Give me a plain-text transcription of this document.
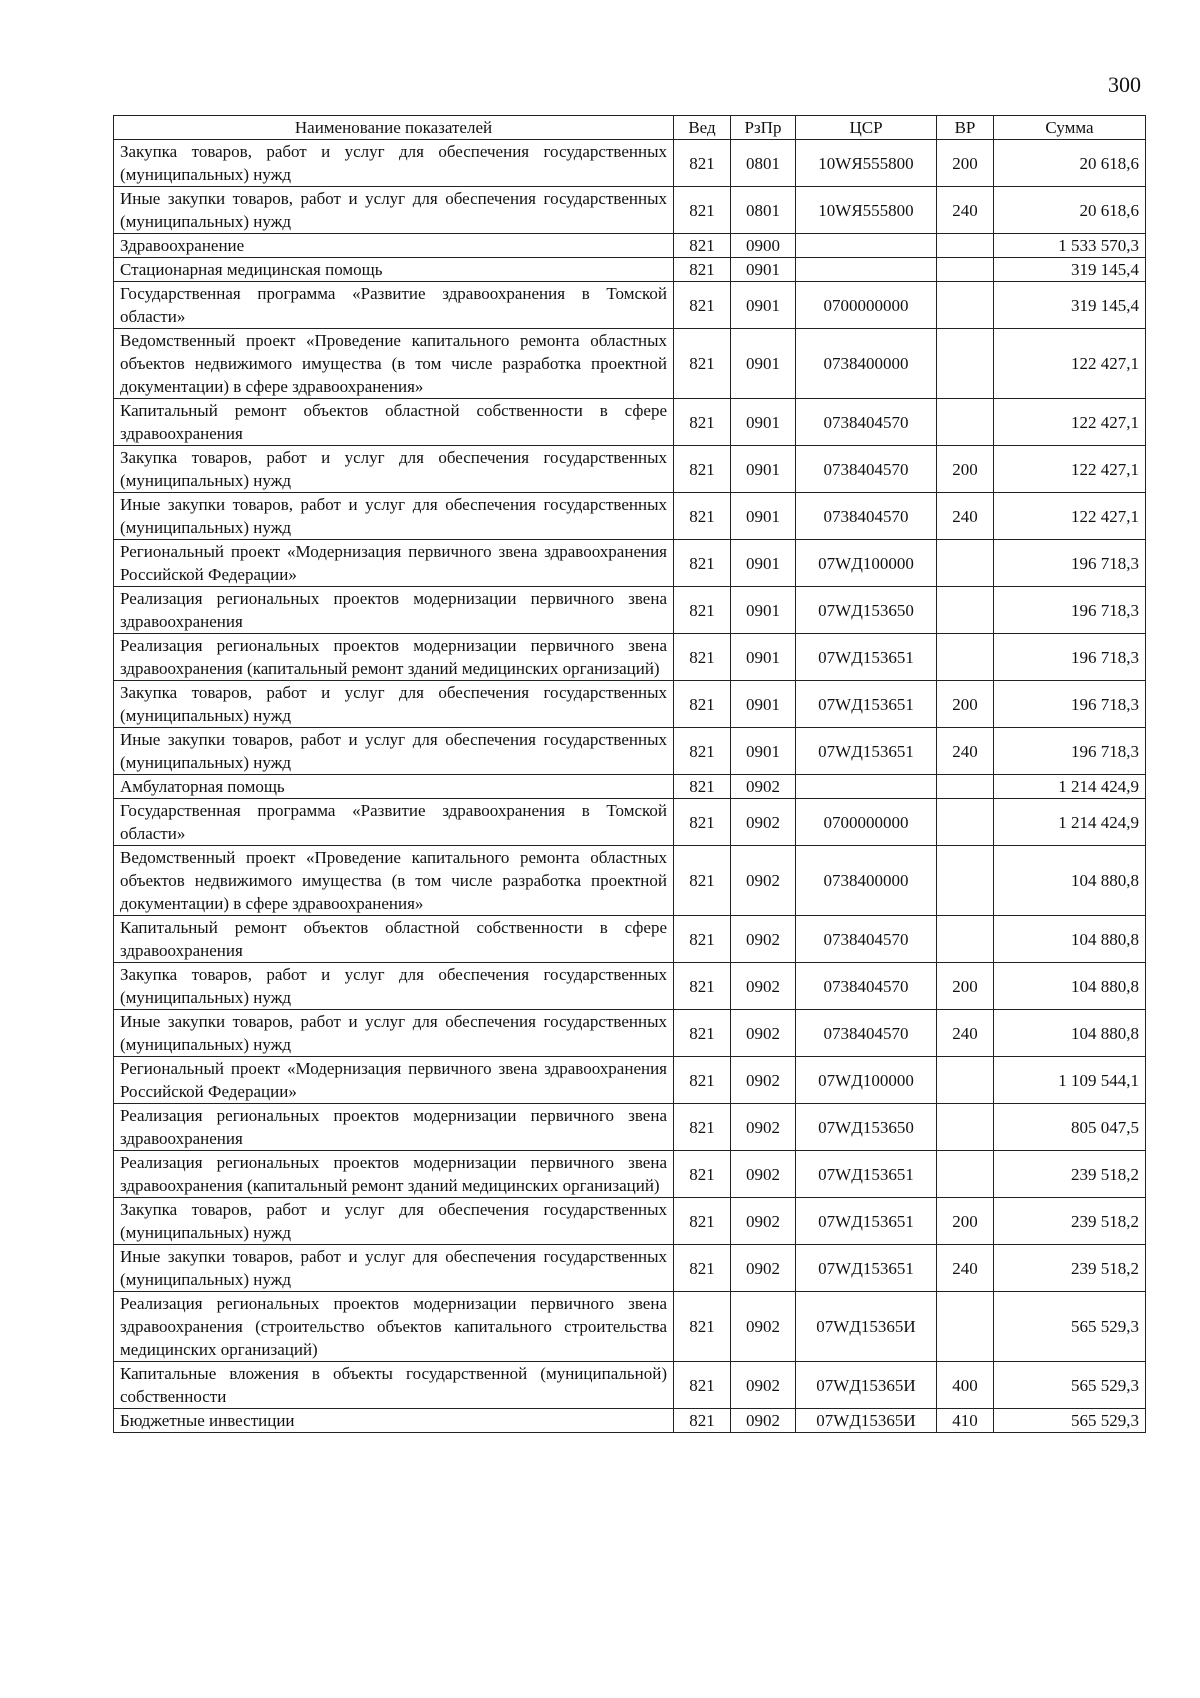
300
Наименование показателей	Вед	РзПр	ЦСР	ВР	Сумма
Закупка товаров, работ и услуг для обеспечения государственных (муниципальных) нужд	821	0801	10WЯ555800	200	20 618,6
Иные закупки товаров, работ и услуг для обеспечения государственных (муниципальных) нужд	821	0801	10WЯ555800	240	20 618,6
Здравоохранение	821	0900			1 533 570,3
Стационарная медицинская помощь	821	0901			319 145,4
Государственная программа «Развитие здравоохранения в Томской области»	821	0901	0700000000		319 145,4
Ведомственный проект «Проведение капитального ремонта областных объектов недвижимого имущества (в том числе разработка проектной документации) в сфере здравоохранения»	821	0901	0738400000		122 427,1
Капитальный ремонт объектов областной собственности в сфере здравоохранения	821	0901	0738404570		122 427,1
Закупка товаров, работ и услуг для обеспечения государственных (муниципальных) нужд	821	0901	0738404570	200	122 427,1
Иные закупки товаров, работ и услуг для обеспечения государственных (муниципальных) нужд	821	0901	0738404570	240	122 427,1
Региональный проект «Модернизация первичного звена здравоохранения Российской Федерации»	821	0901	07WД100000		196 718,3
Реализация региональных проектов модернизации первичного звена здравоохранения	821	0901	07WД153650		196 718,3
Реализация региональных проектов модернизации первичного звена здравоохранения (капитальный ремонт зданий медицинских организаций)	821	0901	07WД153651		196 718,3
Закупка товаров, работ и услуг для обеспечения государственных (муниципальных) нужд	821	0901	07WД153651	200	196 718,3
Иные закупки товаров, работ и услуг для обеспечения государственных (муниципальных) нужд	821	0901	07WД153651	240	196 718,3
Амбулаторная помощь	821	0902			1 214 424,9
Государственная программа «Развитие здравоохранения в Томской области»	821	0902	0700000000		1 214 424,9
Ведомственный проект «Проведение капитального ремонта областных объектов недвижимого имущества (в том числе разработка проектной документации) в сфере здравоохранения»	821	0902	0738400000		104 880,8
Капитальный ремонт объектов областной собственности в сфере здравоохранения	821	0902	0738404570		104 880,8
Закупка товаров, работ и услуг для обеспечения государственных (муниципальных) нужд	821	0902	0738404570	200	104 880,8
Иные закупки товаров, работ и услуг для обеспечения государственных (муниципальных) нужд	821	0902	0738404570	240	104 880,8
Региональный проект «Модернизация первичного звена здравоохранения Российской Федерации»	821	0902	07WД100000		1 109 544,1
Реализация региональных проектов модернизации первичного звена здравоохранения	821	0902	07WД153650		805 047,5
Реализация региональных проектов модернизации первичного звена здравоохранения (капитальный ремонт зданий медицинских организаций)	821	0902	07WД153651		239 518,2
Закупка товаров, работ и услуг для обеспечения государственных (муниципальных) нужд	821	0902	07WД153651	200	239 518,2
Иные закупки товаров, работ и услуг для обеспечения государственных (муниципальных) нужд	821	0902	07WД153651	240	239 518,2
Реализация региональных проектов модернизации первичного звена здравоохранения (строительство объектов капитального строительства медицинских организаций)	821	0902	07WД15365И		565 529,3
Капитальные вложения в объекты государственной (муниципальной) собственности	821	0902	07WД15365И	400	565 529,3
Бюджетные инвестиции	821	0902	07WД15365И	410	565 529,3
